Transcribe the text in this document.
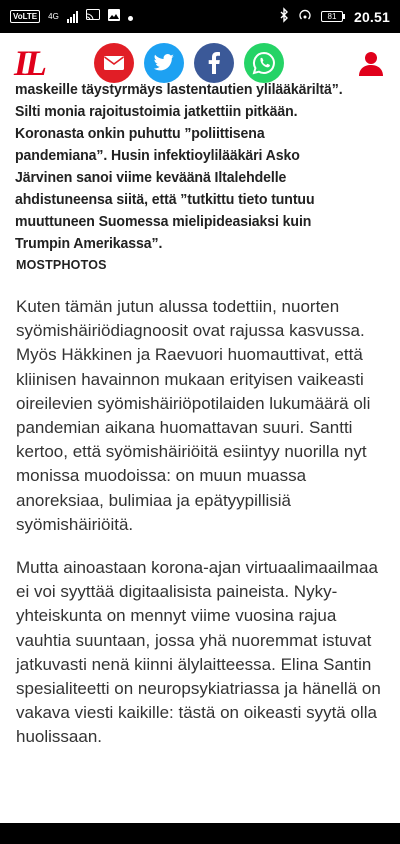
VoLTE	4G	81	20.51
IL

maskeille täystyrmäys lastentautien ylilääkäriltä”. Silti monia rajoitustoimia jatkettiin pitkään. Koronasta onkin puhuttu ”poliittisena pandemiana”. Husin infektioylilääkäri Asko Järvinen sanoi viime keväänä Iltalehdelle ahdistuneensa siitä, että ”tutkittu tieto tuntuu muuttuneen Suomessa mielipideasiaksi kuin Trumpin Amerikassa”.

MOSTPHOTOS

Kuten tämän jutun alussa todettiin, nuorten syömishäiriödiagnoosit ovat rajussa kasvussa. Myös Häkkinen ja Raevuori huomauttivat, että kliinisen havainnon mukaan erityisen vaikeasti oireilevien syömishäiriöpotilaiden lukumäärä oli pandemian aikana huomattavan suuri. Santti kertoo, että syömishäiriöitä esiintyy nuorilla nyt monissa muodoissa: on muun muassa anoreksiaa, bulimiaa ja epätyypillisiä syömishäiriöitä.

Mutta ainoastaan korona-ajan virtuaalimaailmaa ei voi syyttää digitaalisista paineista. Nyky-yhteiskunta on mennyt viime vuosina rajua vauhtia suuntaan, jossa yhä nuoremmat istuvat jatkuvasti nenä kiinni älylaitteessa. Elina Santin spesialiteetti on neuropsykiatriassa ja hänellä on vakava viesti kaikille: tästä on oikeasti syytä olla huolissaan.
